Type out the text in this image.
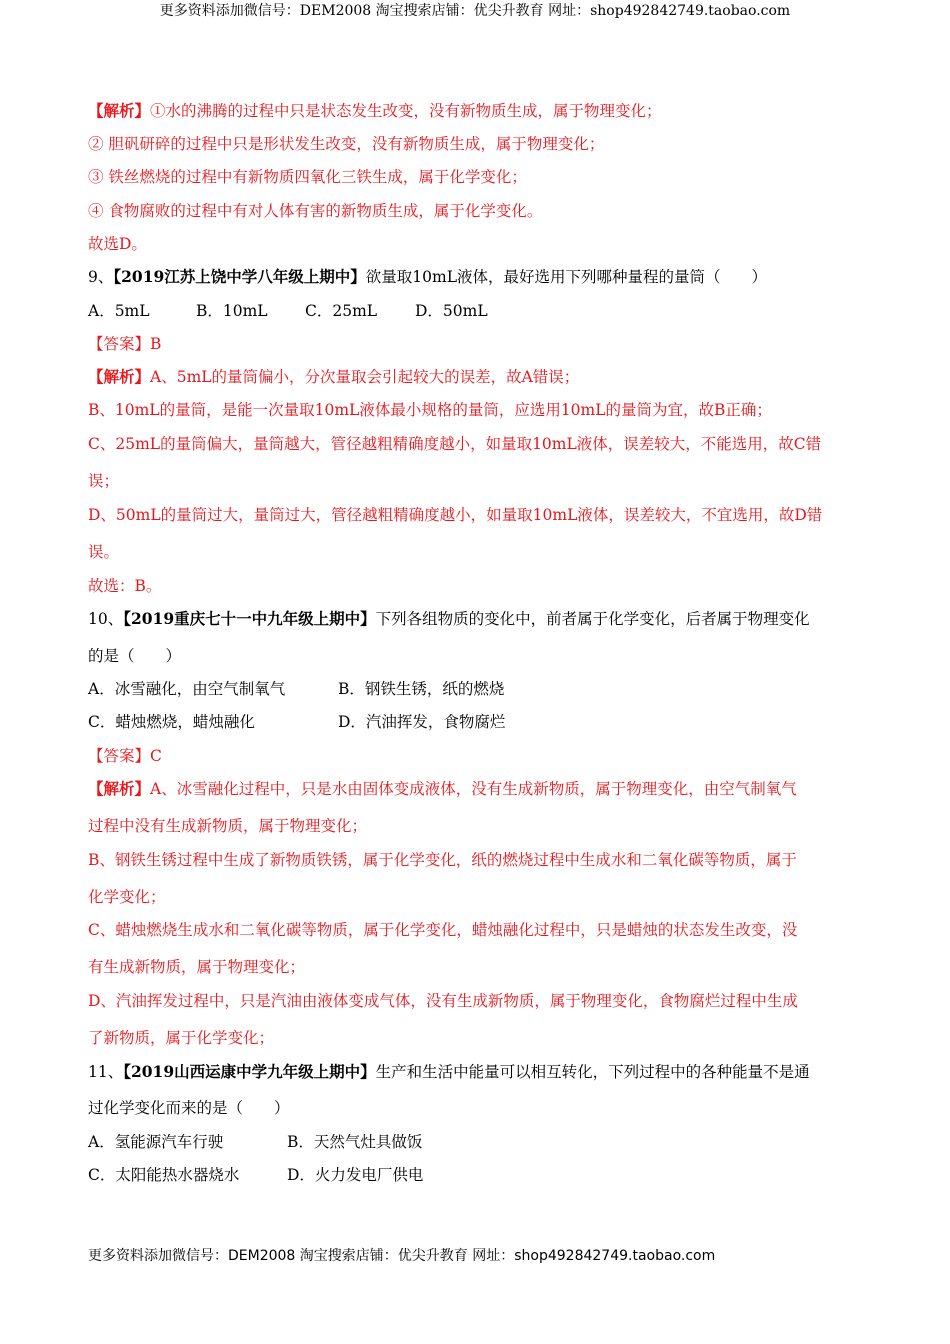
更多资料添加微信号：DEM2008 淘宝搜索店铺：优尖升教育 网址：shop492842749.taobao.com
【解析】①水的沸腾的过程中只是状态发生改变，没有新物质生成，属于物理变化；
② 胆矾研碎的过程中只是形状发生改变，没有新物质生成，属于物理变化；
③ 铁丝燃烧的过程中有新物质四氧化三铁生成，属于化学变化；
④ 食物腐败的过程中有对人体有害的新物质生成，属于化学变化。
故选D。
9、【2019江苏上饶中学八年级上期中】欲量取10mL液体，最好选用下列哪种量程的量筒（　　）
A．5mL	B．10mL C．25mL D．50mL
【答案】B
【解析】A、5mL的量筒偏小，分次量取会引起较大的误差，故A错误；
B、10mL的量筒，是能一次量取10mL液体最小规格的量筒，应选用10mL的量筒为宜，故B正确；
C、25mL的量筒偏大，量筒越大，管径越粗精确度越小，如量取10mL液体，误差较大，不能选用，故C错
误；
D、50mL的量筒过大，量筒过大，管径越粗精确度越小，如量取10mL液体，误差较大，不宜选用，故D错
误。
故选：B。
10、【2019重庆七十一中九年级上期中】下列各组物质的变化中，前者属于化学变化，后者属于物理变化
的是（　　）
A．冰雪融化，由空气制氧气	B．钢铁生锈，纸的燃烧
C．蜡烛燃烧，蜡烛融化	D．汽油挥发，食物腐烂
【答案】C
【解析】A、冰雪融化过程中，只是水由固体变成液体，没有生成新物质，属于物理变化，由空气制氧气
过程中没有生成新物质，属于物理变化；
B、钢铁生锈过程中生成了新物质铁锈，属于化学变化，纸的燃烧过程中生成水和二氧化碳等物质，属于
化学变化；
C、蜡烛燃烧生成水和二氧化碳等物质，属于化学变化，蜡烛融化过程中，只是蜡烛的状态发生改变，没
有生成新物质，属于物理变化；
D、汽油挥发过程中，只是汽油由液体变成气体，没有生成新物质，属于物理变化，食物腐烂过程中生成
了新物质，属于化学变化；
11、【2019山西运康中学九年级上期中】生产和生活中能量可以相互转化，下列过程中的各种能量不是通
过化学变化而来的是（　　）
A．氢能源汽车行驶	B．天然气灶具做饭
C．太阳能热水器烧水	D．火力发电厂供电
更多资料添加微信号：DEM2008 淘宝搜索店铺：优尖升教育 网址：shop492842749.taobao.com
